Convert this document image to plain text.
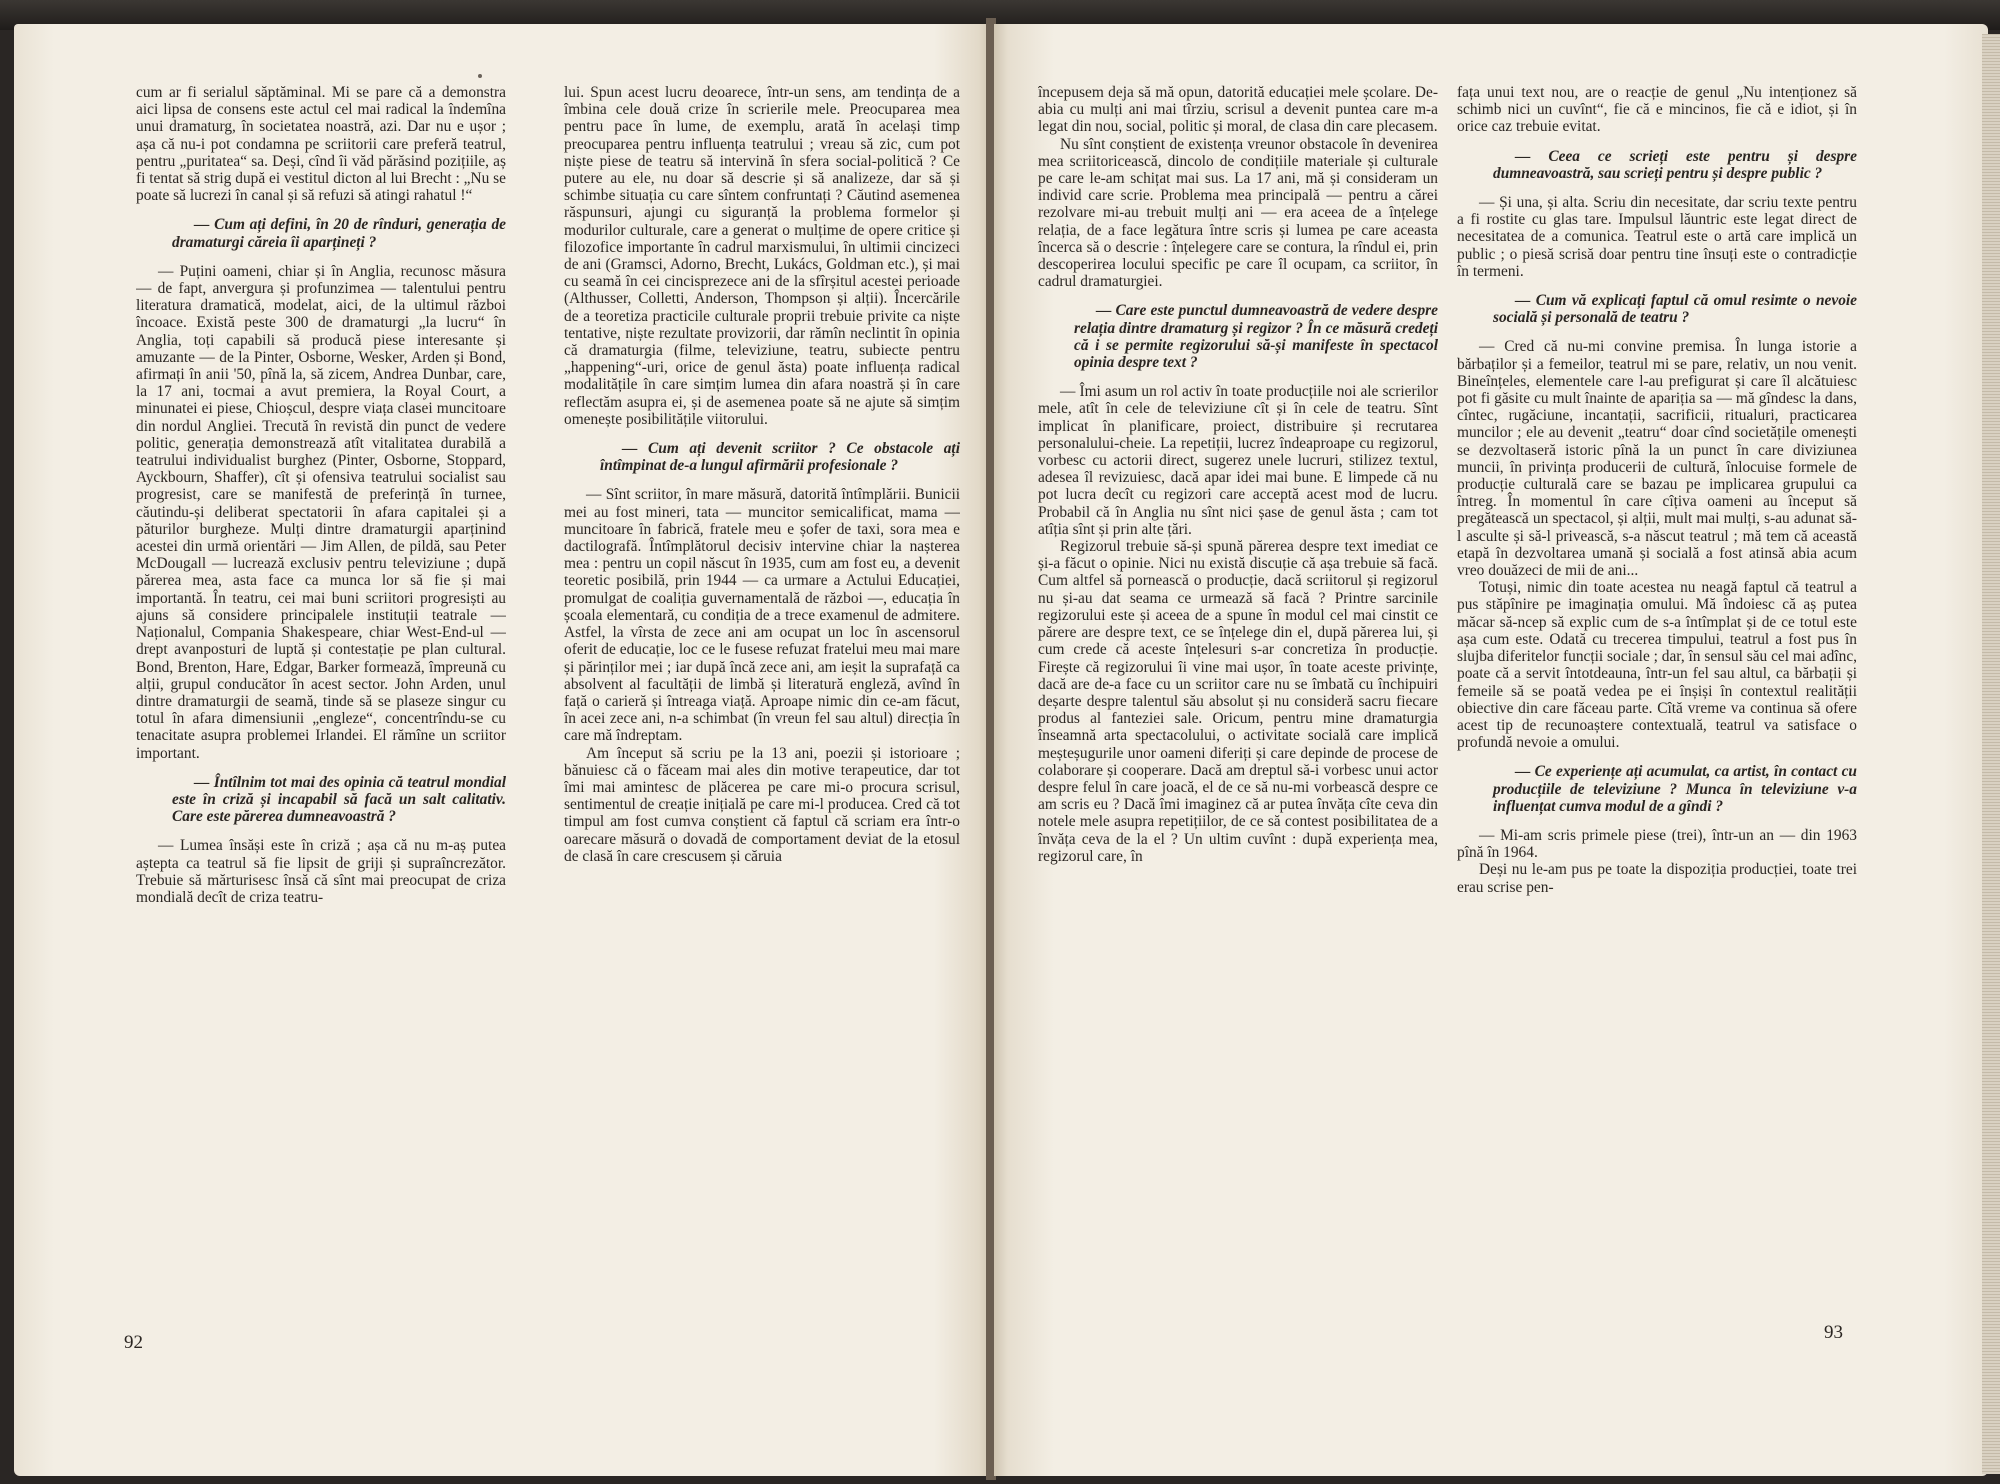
cum ar fi serialul săptăminal. Mi se pare că a demonstra aici lipsa de consens este actul cel mai radical la îndemîna unui dramaturg, în societatea noastră, azi. Dar nu e ușor ; așa că nu-i pot condamna pe scriitorii care preferă teatrul, pentru „puritatea“ sa. Deși, cînd îi văd părăsind pozițiile, aș fi tentat să strig după ei vestitul dicton al lui Brecht : „Nu se poate să lucrezi în canal și să refuzi să atingi rahatul !“

— Cum ați defini, în 20 de rînduri, generația de dramaturgi căreia îi aparțineți ?

— Puțini oameni, chiar și în Anglia, recunosc măsura — de fapt, anvergura și profunzimea — talentului pentru literatura dramatică, modelat, aici, de la ultimul război încoace. Există peste 300 de dramaturgi „la lucru“ în Anglia, toți capabili să producă piese interesante și amuzante — de la Pinter, Osborne, Wesker, Arden și Bond, afirmați în anii '50, pînă la, să zicem, Andrea Dunbar, care, la 17 ani, tocmai a avut premiera, la Royal Court, a minunatei ei piese, Chioșcul, despre viața clasei muncitoare din nordul Angliei. Trecută în revistă din punct de vedere politic, generația demonstrează atît vitalitatea durabilă a teatrului individualist burghez (Pinter, Osborne, Stoppard, Ayckbourn, Shaffer), cît și ofensiva teatrului socialist sau progresist, care se manifestă de preferință în turnee, căutindu-și deliberat spectatorii în afara capitalei și a păturilor burgheze. Mulți dintre dramaturgii aparținind acestei din urmă orientări — Jim Allen, de pildă, sau Peter McDougall — lucrează exclusiv pentru televiziune ; după părerea mea, asta face ca munca lor să fie și mai importantă. În teatru, cei mai buni scriitori progresiști au ajuns să considere principalele instituții teatrale — Naționalul, Compania Shakespeare, chiar West-End-ul — drept avanposturi de luptă și contestație pe plan cultural. Bond, Brenton, Hare, Edgar, Barker formează, împreună cu alții, grupul conducător în acest sector. John Arden, unul dintre dramaturgii de seamă, tinde să se plaseze singur cu totul în afara dimensiunii „engleze“, concentrîndu-se cu tenacitate asupra problemei Irlandei. El rămîne un scriitor important.

— Întîlnim tot mai des opinia că teatrul mondial este în criză și incapabil să facă un salt calitativ. Care este părerea dumneavoastră ?

— Lumea însăși este în criză ; așa că nu m-aș putea aștepta ca teatrul să fie lipsit de griji și supraîncrezător. Trebuie să mărturisesc însă că sînt mai preocupat de criza mondială decît de criza teatru-

lui. Spun acest lucru deoarece, într-un sens, am tendința de a îmbina cele două crize în scrierile mele. Preocuparea mea pentru pace în lume, de exemplu, arată în același timp preocuparea pentru influența teatrului ; vreau să zic, cum pot niște piese de teatru să intervină în sfera social-politică ? Ce putere au ele, nu doar să descrie și să analizeze, dar să și schimbe situația cu care sîntem confruntați ? Căutind asemenea răspunsuri, ajungi cu siguranță la problema formelor și modurilor culturale, care a generat o mulțime de opere critice și filozofice importante în cadrul marxismului, în ultimii cincizeci de ani (Gramsci, Adorno, Brecht, Lukács, Goldman etc.), și mai cu seamă în cei cincisprezece ani de la sfîrșitul acestei perioade (Althusser, Colletti, Anderson, Thompson și alții). Încercările de a teoretiza practicile culturale proprii trebuie privite ca niște tentative, niște rezultate provizorii, dar rămîn neclintit în opinia că dramaturgia (filme, televiziune, teatru, subiecte pentru „happening“-uri, orice de genul ăsta) poate influența radical modalitățile în care simțim lumea din afara noastră și în care reflectăm asupra ei, și de asemenea poate să ne ajute să simțim omenește posibilitățile viitorului.

— Cum ați devenit scriitor ? Ce obstacole ați întîmpinat de-a lungul afirmării profesionale ?

— Sînt scriitor, în mare măsură, datorită întîmplării. Bunicii mei au fost mineri, tata — muncitor semicalificat, mama — muncitoare în fabrică, fratele meu e șofer de taxi, sora mea e dactilografă. Întîmplătorul decisiv intervine chiar la nașterea mea : pentru un copil născut în 1935, cum am fost eu, a devenit teoretic posibilă, prin 1944 — ca urmare a Actului Educației, promulgat de coaliția guvernamentală de război —, educația în școala elementară, cu condiția de a trece examenul de admitere. Astfel, la vîrsta de zece ani am ocupat un loc în ascensorul oferit de educație, loc ce le fusese refuzat fratelui meu mai mare și părinților mei ; iar după încă zece ani, am ieșit la suprafață ca absolvent al facultății de limbă și literatură engleză, avînd în față o carieră și întreaga viață. Aproape nimic din ce-am făcut, în acei zece ani, n-a schimbat (în vreun fel sau altul) direcția în care mă îndreptam.

Am început să scriu pe la 13 ani, poezii și istorioare ; bănuiesc că o făceam mai ales din motive terapeutice, dar tot îmi mai amintesc de plăcerea pe care mi-o procura scrisul, sentimentul de creație inițială pe care mi-l producea. Cred că tot timpul am fost cumva conștient că faptul că scriam era într-o oarecare măsură o dovadă de comportament deviat de la etosul de clasă în care crescusem și căruia

începusem deja să mă opun, datorită educației mele școlare. De-abia cu mulți ani mai tîrziu, scrisul a devenit puntea care m-a legat din nou, social, politic și moral, de clasa din care plecasem.

Nu sînt conștient de existența vreunor obstacole în devenirea mea scriitoricească, dincolo de condițiile materiale și culturale pe care le-am schițat mai sus. La 17 ani, mă și consideram un individ care scrie. Problema mea principală — pentru a cărei rezolvare mi-au trebuit mulți ani — era aceea de a înțelege relația, de a face legătura între scris și lumea pe care aceasta încerca să o descrie : înțelegere care se contura, la rîndul ei, prin descoperirea locului specific pe care îl ocupam, ca scriitor, în cadrul dramaturgiei.

— Care este punctul dumneavoastră de vedere despre relația dintre dramaturg și regizor ? În ce măsură credeți că i se permite regizorului să-și manifeste în spectacol opinia despre text ?

— Îmi asum un rol activ în toate producțiile noi ale scrierilor mele, atît în cele de televiziune cît și în cele de teatru. Sînt implicat în planificare, proiect, distribuire și recrutarea personalului-cheie. La repetiții, lucrez îndeaproape cu regizorul, vorbesc cu actorii direct, sugerez unele lucruri, stilizez textul, adesea îl revizuiesc, dacă apar idei mai bune. E limpede că nu pot lucra decît cu regizori care acceptă acest mod de lucru. Probabil că în Anglia nu sînt nici șase de genul ăsta ; cam tot atîția sînt și prin alte țări.

Regizorul trebuie să-și spună părerea despre text imediat ce și-a făcut o opinie. Nici nu există discuție că așa trebuie să facă. Cum altfel să pornească o producție, dacă scriitorul și regizorul nu și-au dat seama ce urmează să facă ? Printre sarcinile regizorului este și aceea de a spune în modul cel mai cinstit ce părere are despre text, ce se înțelege din el, după părerea lui, și cum crede că aceste înțelesuri s-ar concretiza în producție. Firește că regizorului îi vine mai ușor, în toate aceste privințe, dacă are de-a face cu un scriitor care nu se îmbată cu închipuiri deșarte despre talentul său absolut și nu consideră sacru fiecare produs al fanteziei sale. Oricum, pentru mine dramaturgia înseamnă arta spectacolului, o activitate socială care implică meșteșugurile unor oameni diferiți și care depinde de procese de colaborare și cooperare. Dacă am dreptul să-i vorbesc unui actor despre felul în care joacă, el de ce să nu-mi vorbească despre ce am scris eu ? Dacă îmi imaginez că ar putea învăța cîte ceva din notele mele asupra repetițiilor, de ce să contest posibilitatea de a învăța ceva de la el ? Un ultim cuvînt : după experiența mea, regizorul care, în

fața unui text nou, are o reacție de genul „Nu intenționez să schimb nici un cuvînt“, fie că e mincinos, fie că e idiot, și în orice caz trebuie evitat.

— Ceea ce scrieți este pentru și despre dumneavoastră, sau scrieți pentru și despre public ?

— Și una, și alta. Scriu din necesitate, dar scriu texte pentru a fi rostite cu glas tare. Impulsul lăuntric este legat direct de necesitatea de a comunica. Teatrul este o artă care implică un public ; o piesă scrisă doar pentru tine însuți este o contradicție în termeni.

— Cum vă explicați faptul că omul resimte o nevoie socială și personală de teatru ?

— Cred că nu-mi convine premisa. În lunga istorie a bărbaților și a femeilor, teatrul mi se pare, relativ, un nou venit. Bineînțeles, elementele care l-au prefigurat și care îl alcătuiesc pot fi găsite cu mult înainte de apariția sa — mă gîndesc la dans, cîntec, rugăciune, incantații, sacrificii, ritualuri, practicarea muncilor ; ele au devenit „teatru“ doar cînd societățile omenești se dezvoltaseră istoric pînă la un punct în care diviziunea muncii, în privința producerii de cultură, înlocuise formele de producție culturală care se bazau pe implicarea grupului ca întreg. În momentul în care cîțiva oameni au început să pregătească un spectacol, și alții, mult mai mulți, s-au adunat să-l asculte și să-l privească, s-a născut teatrul ; mă tem că această etapă în dezvoltarea umană și socială a fost atinsă abia acum vreo douăzeci de mii de ani...

Totuși, nimic din toate acestea nu neagă faptul că teatrul a pus stăpînire pe imaginația omului. Mă îndoiesc că aș putea măcar să-ncep să explic cum de s-a întîmplat și de ce totul este așa cum este. Odată cu trecerea timpului, teatrul a fost pus în slujba diferitelor funcții sociale ; dar, în sensul său cel mai adînc, poate că a servit întotdeauna, într-un fel sau altul, ca bărbații și femeile să se poată vedea pe ei înșiși în contextul realității obiective din care făceau parte. Cîtă vreme va continua să ofere acest tip de recunoaștere contextuală, teatrul va satisface o profundă nevoie a omului.

— Ce experiențe ați acumulat, ca artist, în contact cu producțiile de televiziune ? Munca în televiziune v-a influențat cumva modul de a gîndi ?

— Mi-am scris primele piese (trei), într-un an — din 1963 pînă în 1964.

Deși nu le-am pus pe toate la dispoziția producției, toate trei erau scrise pen-

92	93
